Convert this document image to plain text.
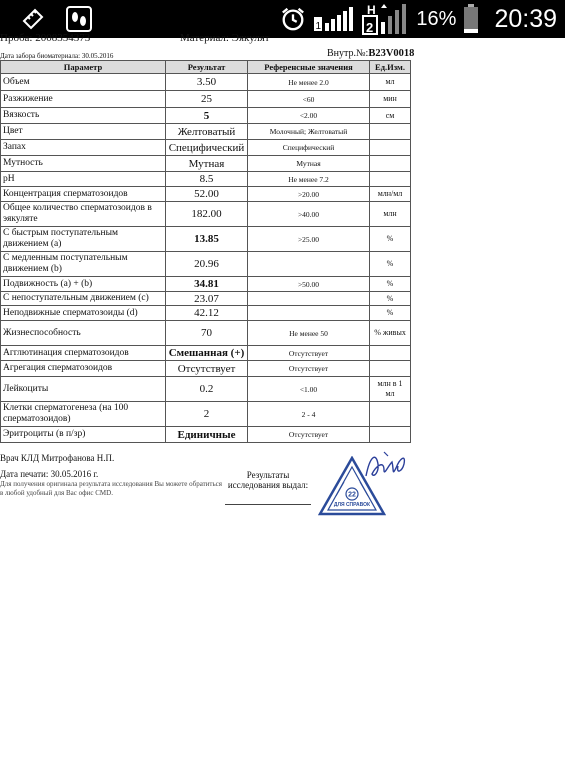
1	2
H 16% 20:39
Проба: 2008354373	Материал: Эякулят
Дата забора биоматериала: 30.05.2016	Внутр.№:B23V0018
Параметр	Результат	Референсные значения	Ед.Изм.
Объем	3.50	Не менее 2.0	мл
Разжижение	25	<60	мин
Вязкость	5	<2.00	см
Цвет	Желтоватый	Молочный; Желтоватый	
Запах	Специфический	Специфический	
Мутность	Мутная	Мутная	
pH	8.5	Не менее 7.2	
Концентрация сперматозоидов	52.00	>20.00	млн/мл
Общее количество сперматозоидов в эякуляте	182.00	>40.00	млн
С быстрым поступательным движением (а)	13.85	>25.00	%
С медленным поступательным движением (b)	20.96		%
Подвижность (a) + (b)	34.81	>50.00	%
С непоступательным движением (c)	23.07		%
Неподвижные сперматозоиды (d)	42.12		%
Жизнеспособность	70	Не менее 50	% живых
Агглютинация сперматозоидов	Смешанная (+)	Отсутствует	
Агрегация сперматозоидов	Отсутствует	Отсутствует	
Лейкоциты	0.2	<1.00	млн в 1 мл
Клетки сперматогенеза (на 100 сперматозоидов)	2	2 - 4	
Эритроциты (в п/зр)	Единичные	Отсутствует	
Врач КЛД Митрофанова Н.П.
Дата печати: 30.05.2016 г.
Для получения оригинала результата исследования Вы можете обратиться в любой удобный для Вас офис CMD.
Результаты исследования выдал:
22
ДЛЯ СПРАВОК
